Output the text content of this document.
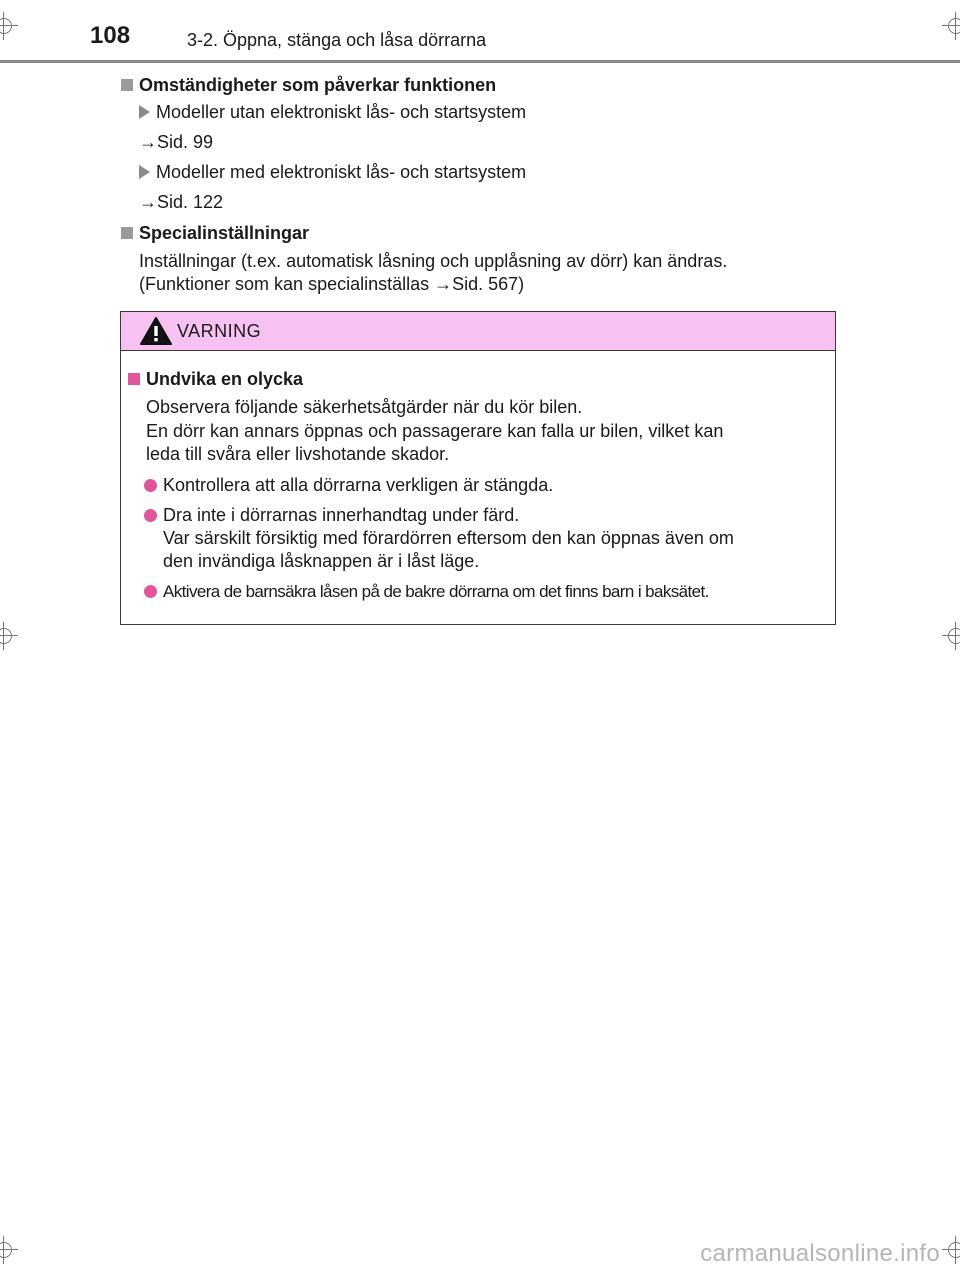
108	3-2. Öppna, stänga och låsa dörrarna
Omständigheter som påverkar funktionen
Modeller utan elektroniskt lås- och startsystem
→Sid. 99
Modeller med elektroniskt lås- och startsystem
→Sid. 122
Specialinställningar
Inställningar (t.ex. automatisk låsning och upplåsning av dörr) kan ändras.
(Funktioner som kan specialinställas →Sid. 567)
VARNING
Undvika en olycka
Observera följande säkerhetsåtgärder när du kör bilen.
En dörr kan annars öppnas och passagerare kan falla ur bilen, vilket kan
leda till svåra eller livshotande skador.
Kontrollera att alla dörrarna verkligen är stängda.
Dra inte i dörrarnas innerhandtag under färd.
Var särskilt försiktig med förardörren eftersom den kan öppnas även om
den invändiga låsknappen är i låst läge.
Aktivera de barnsäkra låsen på de bakre dörrarna om det finns barn i baksätet.
carmanualsonline.info
